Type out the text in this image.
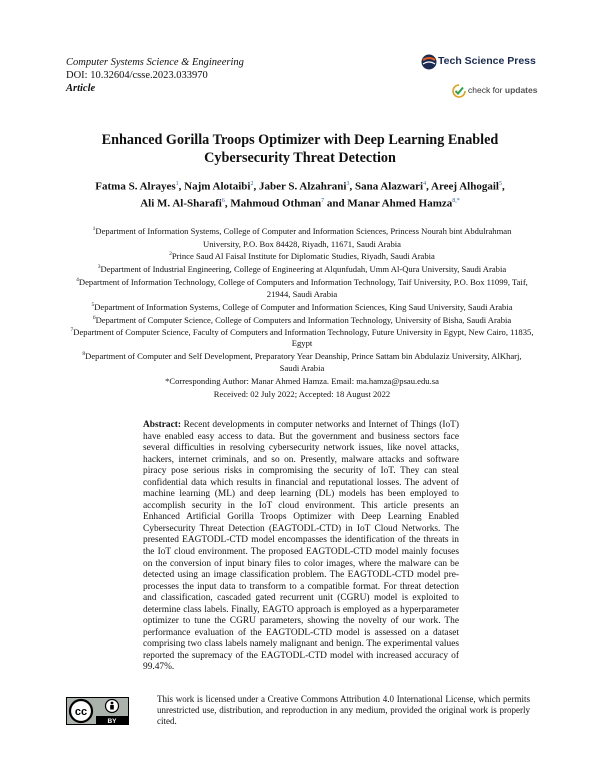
Computer Systems Science & Engineering
DOI: 10.32604/csse.2023.033970
Article
Tech Science Press
check for updates
Enhanced Gorilla Troops Optimizer with Deep Learning Enabled
Cybersecurity Threat Detection
Fatma S. Alrayes$^1$, Najm Alotaibi$^2$, Jaber S. Alzahrani$^3$, Sana Alazwari$^4$, Areej Alhogail$^5$,
Ali M. Al-Sharafi$^6$, Mahmoud Othman$^7$ and Manar Ahmed Hamza$^{8,*}$
$^1$Department of Information Systems, College of Computer and Information Sciences, Princess Nourah bint Abdulrahman
University, P.O. Box 84428, Riyadh, 11671, Saudi Arabia
$^2$Prince Saud Al Faisal Institute for Diplomatic Studies, Riyadh, Saudi Arabia
$^3$Department of Industrial Engineering, College of Engineering at Alqunfudah, Umm Al-Qura University, Saudi Arabia
$^4$Department of Information Technology, College of Computers and Information Technology, Taif University, P.O. Box 11099, Taif,
21944, Saudi Arabia
$^5$Department of Information Systems, College of Computer and Information Sciences, King Saud University, Saudi Arabia
$^6$Department of Computer Science, College of Computers and Information Technology, University of Bisha, Saudi Arabia
$^7$Department of Computer Science, Faculty of Computers and Information Technology, Future University in Egypt, New Cairo, 11835, Egypt
$^8$Department of Computer and Self Development, Preparatory Year Deanship, Prince Sattam bin Abdulaziz University, AlKharj,
Saudi Arabia
*Corresponding Author: Manar Ahmed Hamza. Email: ma.hamza@psau.edu.sa
Received: 02 July 2022; Accepted: 18 August 2022
Abstract: Recent developments in computer networks and Internet of Things (IoT) have enabled easy access to data. But the government and business sectors face several difficulties in resolving cybersecurity network issues, like novel attacks, hackers, internet criminals, and so on. Presently, malware attacks and software piracy pose serious risks in compromising the security of IoT. They can steal confidential data which results in financial and reputational losses. The advent of machine learning (ML) and deep learning (DL) models has been employed to accomplish security in the IoT cloud environment. This article presents an Enhanced Artificial Gorilla Troops Optimizer with Deep Learning Enabled Cybersecurity Threat Detection (EAGTODL-CTD) in IoT Cloud Networks. The presented EAGTODL-CTD model encompasses the identification of the threats in the IoT cloud environment. The proposed EAGTODL-CTD model mainly focuses on the conversion of input binary files to color images, where the malware can be detected using an image classification problem. The EAGTODL-CTD model pre-processes the input data to transform to a compatible format. For threat detection and classification, cascaded gated recurrent unit (CGRU) model is exploited to determine class labels. Finally, EAGTO approach is employed as a hyperparameter optimizer to tune the CGRU parameters, showing the novelty of our work. The performance evaluation of the EAGTODL-CTD model is assessed on a dataset comprising two class labels namely malignant and benign. The experimental values reported the supremacy of the EAGTODL-CTD model with increased accuracy of 99.47%.
cc
BY
This work is licensed under a Creative Commons Attribution 4.0 International License, which permits unrestricted use, distribution, and reproduction in any medium, provided the original work is properly cited.
